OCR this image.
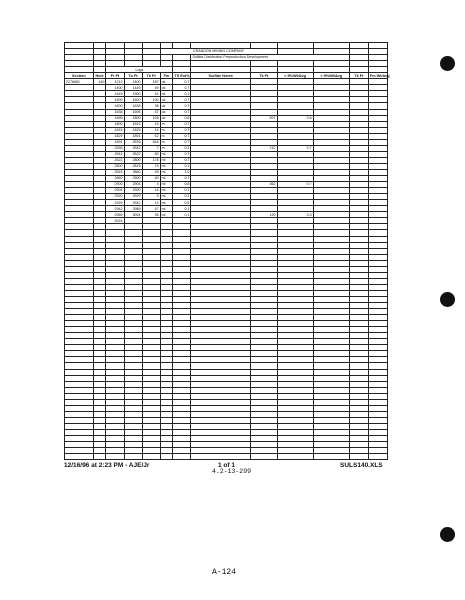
					CRANDON MINING COMPANY							
							Sulfide Distribution Preproduction Development					

		Logs										
Section	Hole	Fr Ft	To Ft	Tk Ft	Fm	TS Est%	Sulfide Notes	Tk Ft	< 5%Wt/Avg	> 5%Wt/Avg	Tk Ft	Fm Wt/Avg
2276681	140	1213	1400	187	ok	0.7						
		1400	1449	49	ok	0.7						
		1449	1500	51	ok	0.1						
		1500	1600	100	ok	0.7						
		1600	1638	38	ok	0.7						
		1638	1695	57	ok	0.7						
		1695	1800	105	ok	0.8		597	0.6			
		1800	1815	15	m	0.7						
		1815	1829	14	m	0.7						
		1829	1891	62	m	0.7						
		1891	2535	644	m	0.7						
		2535	2542	7	m	0.1		742	0.7			
		2542	2622	80	ml	0.7						
		2622	2800	178	ml	0.7						
		2800	2815	15	ml	0.1						
		2815	2860	45	ml	1.0						
		2860	2900	40	ml	0.7						
		2900	2904	4	ml	0.8		362	0.7			
		2904	2920	16	ml	0.1						
		2920	2929	9	ml	0.1						
		2929	2942	13	ml	0.5						
		2942	2989	47	ml	0.1						
		2989	3024	35	ml	0.1		120	0.3			
		3024										

12/16/96 at 2:23 PM - AJE/Jr	1 of 1
4.2-13-299
SULS140.XLS
A-124
